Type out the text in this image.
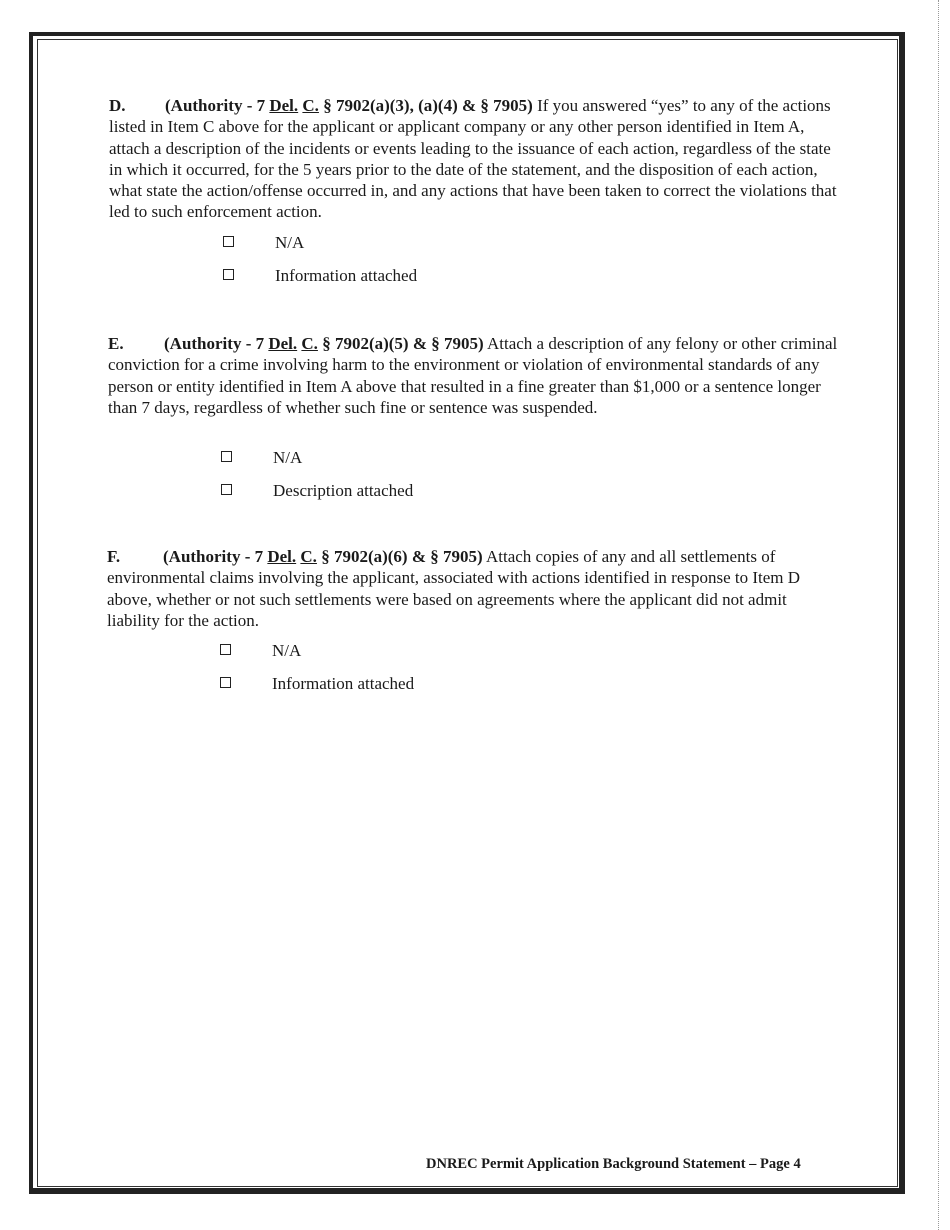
D. (Authority - 7 Del. C. § 7902(a)(3), (a)(4) & § 7905) If you answered “yes” to any of the actions listed in Item C above for the applicant or applicant company or any other person identified in Item A, attach a description of the incidents or events leading to the issuance of each action, regardless of the state in which it occurred, for the 5 years prior to the date of the statement, and the disposition of each action, what state the action/offense occurred in, and any actions that have been taken to correct the violations that led to such enforcement action.
N/A
Information attached
E. (Authority - 7 Del. C. § 7902(a)(5) & § 7905) Attach a description of any felony or other criminal conviction for a crime involving harm to the environment or violation of environmental standards of any person or entity identified in Item A above that resulted in a fine greater than $1,000 or a sentence longer than 7 days, regardless of whether such fine or sentence was suspended.
N/A
Description attached
F.	(Authority - 7 Del. C. § 7902(a)(6) & § 7905) Attach copies of any and all settlements of environmental claims involving the applicant, associated with actions identified in response to Item D above, whether or not such settlements were based on agreements where the applicant did not admit liability for the action.
N/A
Information attached
DNREC Permit Application Background Statement – Page 4
